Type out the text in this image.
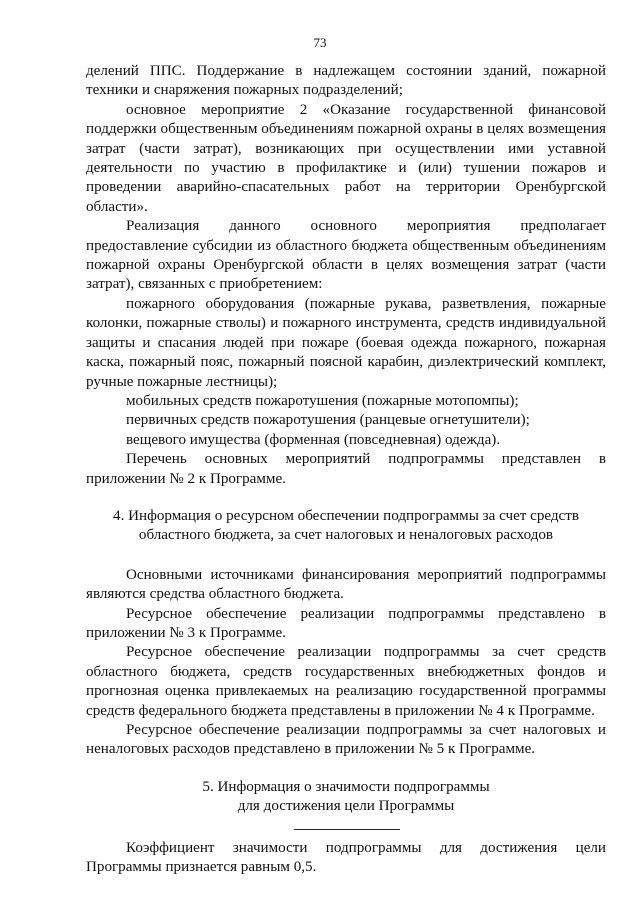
73

делений ППС. Поддержание в надлежащем состоянии зданий, пожарной техники и снаряжения пожарных подразделений;

основное мероприятие 2 «Оказание государственной финансовой поддержки общественным объединениям пожарной охраны в целях возмещения затрат (части затрат), возникающих при осуществлении ими уставной деятельности по участию в профилактике и (или) тушении пожаров и проведении аварийно-спасательных работ на территории Оренбургской области».

Реализация данного основного мероприятия предполагает предоставление субсидии из областного бюджета общественным объединениям пожарной охраны Оренбургской области в целях возмещения затрат (части затрат), связанных с приобретением:

пожарного оборудования (пожарные рукава, разветвления, пожарные колонки, пожарные стволы) и пожарного инструмента, средств индивидуальной защиты и спасания людей при пожаре (боевая одежда пожарного, пожарная каска, пожарный пояс, пожарный поясной карабин, диэлектрический комплект, ручные пожарные лестницы);

мобильных средств пожаротушения (пожарные мотопомпы);

первичных средств пожаротушения (ранцевые огнетушители);

вещевого имущества (форменная (повседневная) одежда).

Перечень основных мероприятий подпрограммы представлен в приложении № 2 к Программе.

4. Информация о ресурсном обеспечении подпрограммы за счет средств
областного бюджета, за счет налоговых и неналоговых расходов

Основными источниками финансирования мероприятий подпрограммы являются средства областного бюджета.

Ресурсное обеспечение реализации подпрограммы представлено в приложении № 3 к Программе.

Ресурсное обеспечение реализации подпрограммы за счет средств областного бюджета, средств государственных внебюджетных фондов и прогнозная оценка привлекаемых на реализацию государственной программы средств федерального бюджета представлены в приложении № 4 к Программе.

Ресурсное обеспечение реализации подпрограммы за счет налоговых и неналоговых расходов представлено в приложении № 5 к Программе.

5. Информация о значимости подпрограммы
для достижения цели Программы

Коэффициент значимости подпрограммы для достижения цели Программы признается равным 0,5.
